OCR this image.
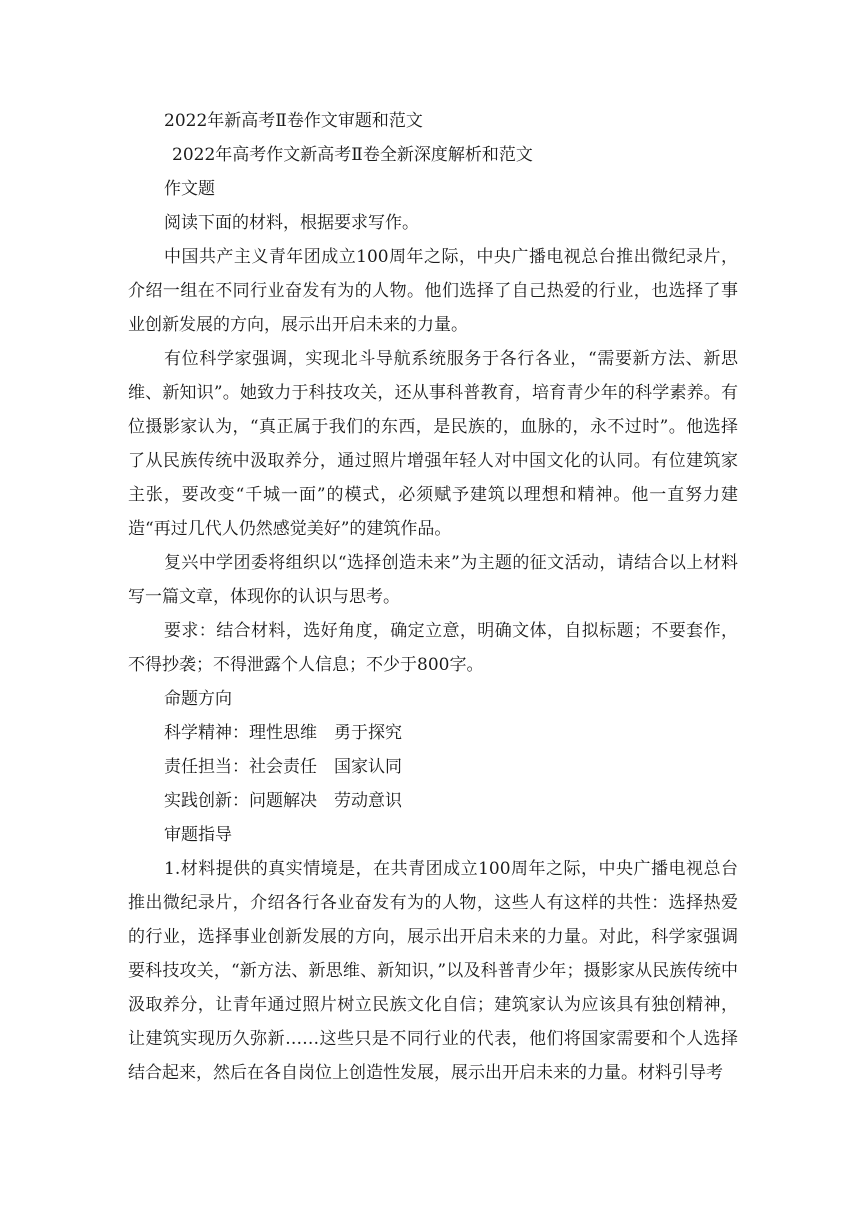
2022年新高考Ⅱ卷作文审题和范文
2022年高考作文新高考Ⅱ卷全新深度解析和范文
作文题
阅读下面的材料，根据要求写作。

中国共产主义青年团成立100周年之际，中央广播电视总台推出微纪录片，介绍一组在不同行业奋发有为的人物。他们选择了自己热爱的行业，也选择了事业创新发展的方向，展示出开启未来的力量。

有位科学家强调，实现北斗导航系统服务于各行各业，“需要新方法、新思维、新知识”。她致力于科技攻关，还从事科普教育，培育青少年的科学素养。有位摄影家认为，“真正属于我们的东西，是民族的，血脉的，永不过时”。他选择了从民族传统中汲取养分，通过照片增强年轻人对中国文化的认同。有位建筑家主张，要改变“千城一面”的模式，必须赋予建筑以理想和精神。他一直努力建造“再过几代人仍然感觉美好”的建筑作品。

复兴中学团委将组织以“选择创造未来”为主题的征文活动，请结合以上材料写一篇文章，体现你的认识与思考。

要求：结合材料，选好角度，确定立意，明确文体，自拟标题；不要套作，不得抄袭；不得泄露个人信息；不少于800字。

命题方向
科学精神：理性思维　勇于探究
责任担当：社会责任　国家认同
实践创新：问题解决　劳动意识
审题指导

1.材料提供的真实情境是，在共青团成立100周年之际，中央广播电视总台推出微纪录片，介绍各行各业奋发有为的人物，这些人有这样的共性：选择热爱的行业，选择事业创新发展的方向，展示出开启未来的力量。对此，科学家强调要科技攻关，“新方法、新思维、新知识，”以及科普青少年；摄影家从民族传统中汲取养分，让青年通过照片树立民族文化自信；建筑家认为应该具有独创精神，让建筑实现历久弥新……这些只是不同行业的代表，他们将国家需要和个人选择结合起来，然后在各自岗位上创造性发展，展示出开启未来的力量。材料引导考
